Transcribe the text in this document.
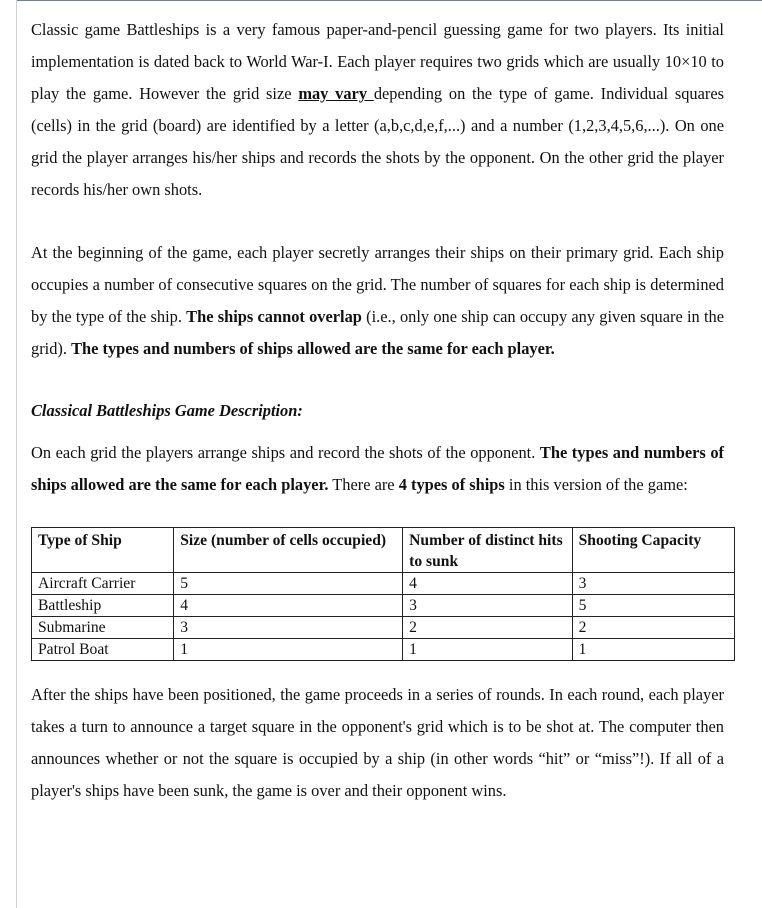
Classic game Battleships is a very famous paper-and-pencil guessing game for two players. Its initial implementation is dated back to World War-I. Each player requires two grids which are usually 10×10 to play the game. However the grid size may vary depending on the type of game. Individual squares (cells) in the grid (board) are identified by a letter (a,b,c,d,e,f,...) and a number (1,2,3,4,5,6,...). On one grid the player arranges his/her ships and records the shots by the opponent. On the other grid the player records his/her own shots.

At the beginning of the game, each player secretly arranges their ships on their primary grid. Each ship occupies a number of consecutive squares on the grid. The number of squares for each ship is determined by the type of the ship. The ships cannot overlap (i.e., only one ship can occupy any given square in the grid). The types and numbers of ships allowed are the same for each player.

Classical Battleships Game Description:

On each grid the players arrange ships and record the shots of the opponent. The types and numbers of ships allowed are the same for each player. There are 4 types of ships in this version of the game:

Type of Ship	Size (number of cells occupied)	Number of distinct hits to sunk	Shooting Capacity
Aircraft Carrier	5	4	3
Battleship	4	3	5
Submarine	3	2	2
Patrol Boat	1	1	1

After the ships have been positioned, the game proceeds in a series of rounds. In each round, each player takes a turn to announce a target square in the opponent's grid which is to be shot at. The computer then announces whether or not the square is occupied by a ship (in other words “hit” or “miss”!). If all of a player's ships have been sunk, the game is over and their opponent wins.
